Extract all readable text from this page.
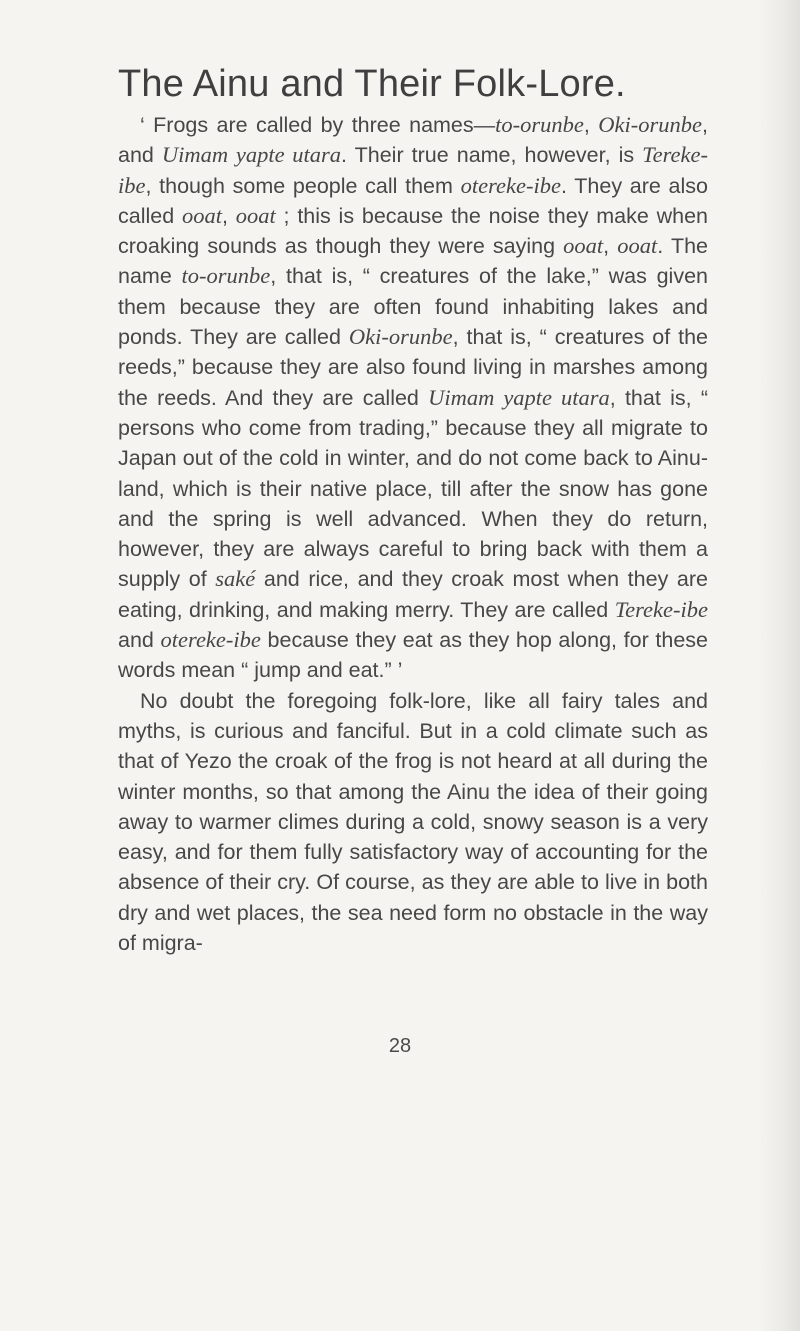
The Ainu and Their Folk-Lore.

‘ Frogs are called by three names—to-orunbe, Oki-orunbe, and Uimam yapte utara. Their true name, however, is Tereke-ibe, though some people call them otereke-ibe. They are also called ooat, ooat ; this is because the noise they make when croaking sounds as though they were saying ooat, ooat. The name to-orunbe, that is, “ creatures of the lake,” was given them because they are often found inhabiting lakes and ponds. They are called Oki-orunbe, that is, “ creatures of the reeds,” because they are also found living in marshes among the reeds. And they are called Uimam yapte utara, that is, “ persons who come from trading,” because they all migrate to Japan out of the cold in winter, and do not come back to Ainu-land, which is their native place, till after the snow has gone and the spring is well advanced. When they do return, however, they are always careful to bring back with them a supply of saké and rice, and they croak most when they are eating, drinking, and making merry. They are called Tereke-ibe and otereke-ibe because they eat as they hop along, for these words mean “ jump and eat.” ’

No doubt the foregoing folk-lore, like all fairy tales and myths, is curious and fanciful. But in a cold climate such as that of Yezo the croak of the frog is not heard at all during the winter months, so that among the Ainu the idea of their going away to warmer climes during a cold, snowy season is a very easy, and for them fully satisfactory way of accounting for the absence of their cry. Of course, as they are able to live in both dry and wet places, the sea need form no obstacle in the way of migra-

28
